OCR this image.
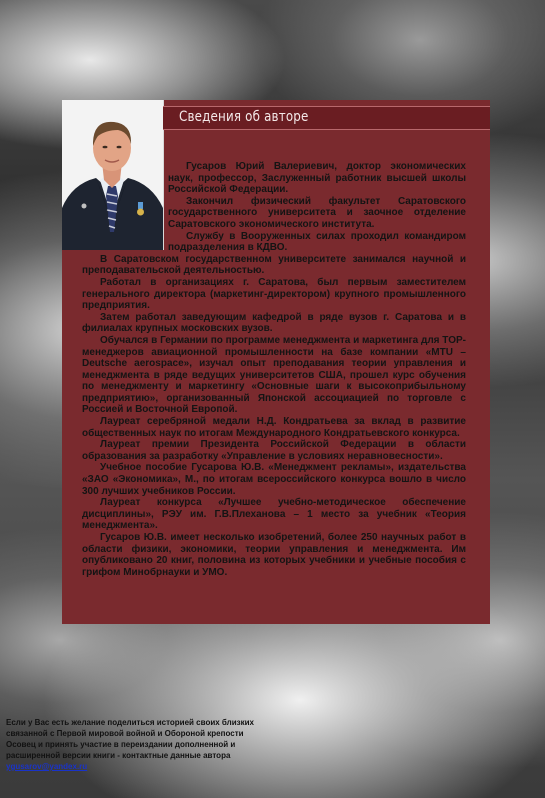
Сведения об авторе

Гусаров Юрий Валериевич, доктор экономических наук, профессор, Заслуженный работник высшей школы Российской Федерации.

Закончил физический факультет Саратовского государственного университета и заочное отделение Саратовского экономического института.

Службу в Вооруженных силах проходил командиром подразделения в КДВО.

В Саратовском государственном университете занимался научной и преподавательской деятельностью.

Работал в организациях г. Саратова, был первым заместителем генерального директора (маркетинг-директором) крупного промышленного предприятия.

Затем работал заведующим кафедрой в ряде вузов г. Саратова и в филиалах крупных московских вузов.

Обучался в Германии по программе менеджмента и маркетинга для TOP-менеджеров авиационной промышленности на базе компании «MTU – Deutsche aerospace», изучал опыт преподавания теории управления и менеджмента в ряде ведущих университетов США, прошел курс обучения по менеджменту и маркетингу «Основные шаги к высокоприбыльному предприятию», организованный Японской ассоциацией по торговле с Россией и Восточной Европой.

Лауреат серебряной медали Н.Д. Кондратьева за вклад в развитие общественных наук по итогам Международного Кондратьевского конкурса.

Лауреат премии Президента Российской Федерации в области образования за разработку «Управление в условиях неравновесности».

Учебное пособие Гусарова Ю.В. «Менеджмент рекламы», издательства «ЗАО «Экономика», М., по итогам всероссийского конкурса вошло в число 300 лучших учебников России.

Лауреат конкурса «Лучшее учебно-методическое обеспечение дисциплины», РЭУ им. Г.В.Плеханова – 1 место за учебник «Теория менеджмента».

Гусаров Ю.В. имеет несколько изобретений, более 250 научных работ в области физики, экономики, теории управления и менеджмента. Им опубликовано 20 книг, половина из которых учебники и учебные пособия с грифом Минобрнауки и УМО.

Если у Вас есть желание поделиться историей своих близких связанной с Первой мировой войной и Обороной крепости Осовец и принять участие в переиздании дополненной и расширенной версии книги - контактные данные автора ygusarov@yandex.ru
